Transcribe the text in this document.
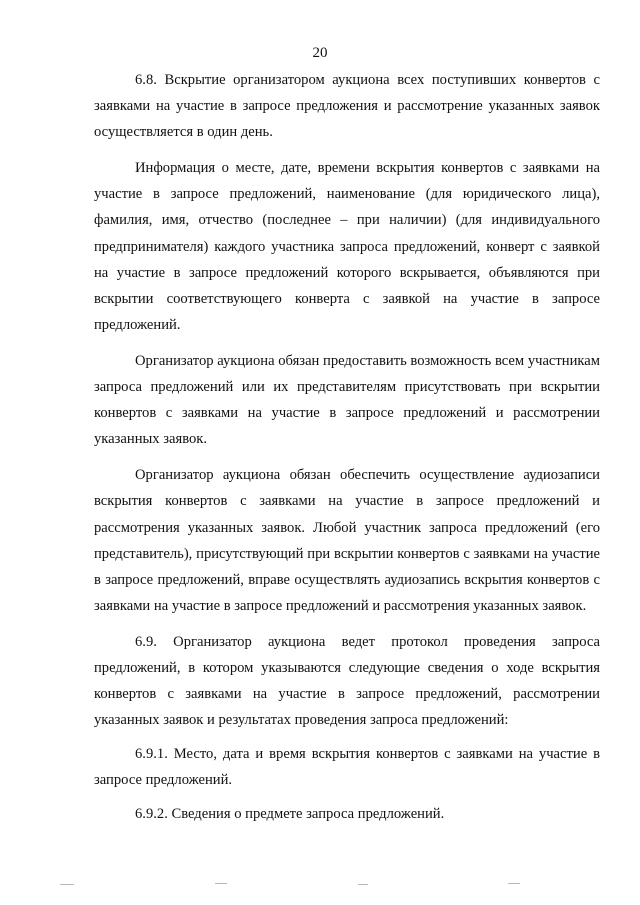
20

6.8. Вскрытие организатором аукциона всех поступивших конвертов с заявками на участие в запросе предложения и рассмотрение указанных заявок осуществляется в один день.

Информация о месте, дате, времени вскрытия конвертов с заявками на участие в запросе предложений, наименование (для юридического лица), фамилия, имя, отчество (последнее – при наличии) (для индивидуального предпринимателя) каждого участника запроса предложений, конверт с заявкой на участие в запросе предложений которого вскрывается, объявляются при вскрытии соответствующего конверта с заявкой на участие в запросе предложений.

Организатор аукциона обязан предоставить возможность всем участникам запроса предложений или их представителям присутствовать при вскрытии конвертов с заявками на участие в запросе предложений и рассмотрении указанных заявок.

Организатор аукциона обязан обеспечить осуществление аудиозаписи вскрытия конвертов с заявками на участие в запросе предложений и рассмотрения указанных заявок. Любой участник запроса предложений (его представитель), присутствующий при вскрытии конвертов с заявками на участие в запросе предложений, вправе осуществлять аудиозапись вскрытия конвертов с заявками на участие в запросе предложений и рассмотрения указанных заявок.

6.9. Организатор аукциона ведет протокол проведения запроса предложений, в котором указываются следующие сведения о ходе вскрытия конвертов с заявками на участие в запросе предложений, рассмотрении указанных заявок и результатах проведения запроса предложений:

6.9.1. Место, дата и время вскрытия конвертов с заявками на участие в запросе предложений.

6.9.2. Сведения о предмете запроса предложений.
